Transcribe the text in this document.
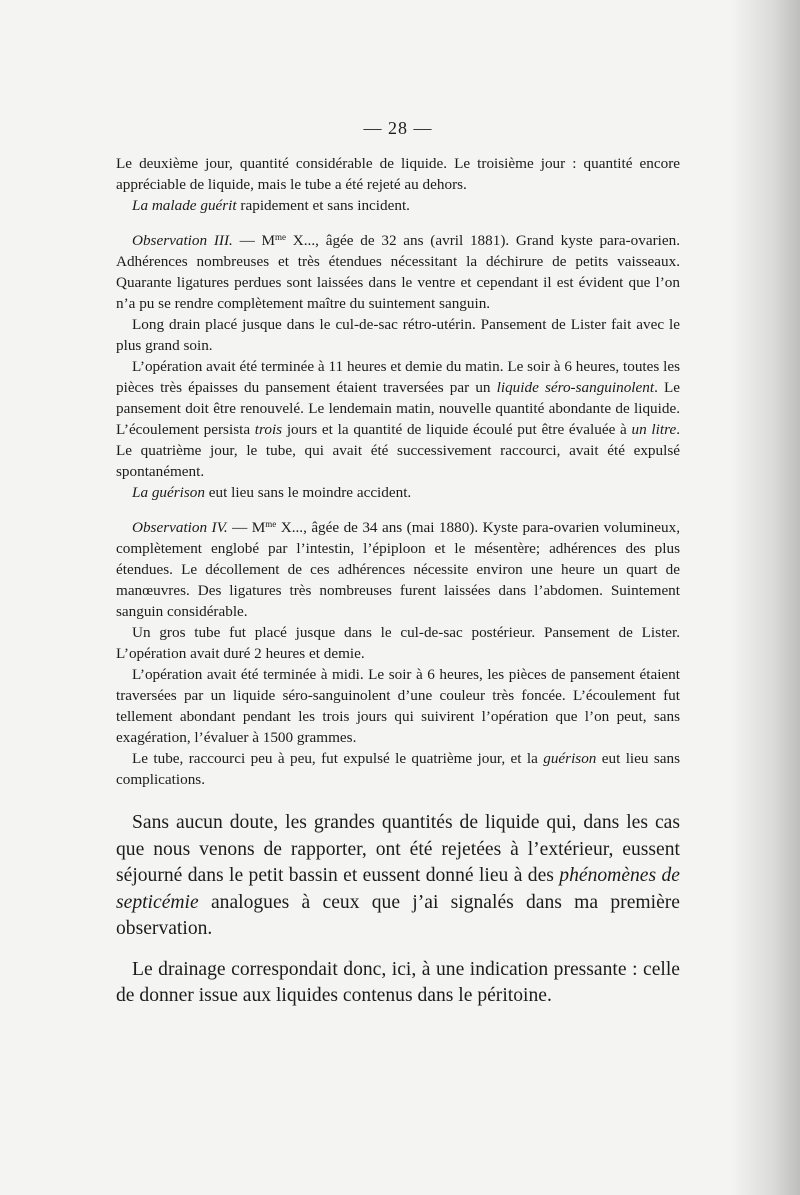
— 28 —

Le deuxième jour, quantité considérable de liquide. Le troisième jour : quantité encore appréciable de liquide, mais le tube a été rejeté au dehors.

La malade guérit rapidement et sans incident.

Observation III. — $M^{me}$ X..., âgée de 32 ans (avril 1881). Grand kyste para-ovarien. Adhérences nombreuses et très étendues nécessitant la déchirure de petits vaisseaux. Quarante ligatures perdues sont laissées dans le ventre et cependant il est évident que l’on n’a pu se rendre complètement maître du suintement sanguin.

Long drain placé jusque dans le cul-de-sac rétro-utérin. Pansement de Lister fait avec le plus grand soin.

L’opération avait été terminée à 11 heures et demie du matin. Le soir à 6 heures, toutes les pièces très épaisses du pansement étaient traversées par un liquide séro-sanguinolent. Le pansement doit être renouvelé. Le lendemain matin, nouvelle quantité abondante de liquide. L’écoulement persista trois jours et la quantité de liquide écoulé put être évaluée à un litre. Le quatrième jour, le tube, qui avait été successivement raccourci, avait été expulsé spontanément.

La guérison eut lieu sans le moindre accident.

Observation IV. — $M^{me}$ X..., âgée de 34 ans (mai 1880). Kyste para-ovarien volumineux, complètement englobé par l’intestin, l’épiploon et le mésentère; adhérences des plus étendues. Le décollement de ces adhérences nécessite environ une heure un quart de manœuvres. Des ligatures très nombreuses furent laissées dans l’abdomen. Suintement sanguin considérable.

Un gros tube fut placé jusque dans le cul-de-sac postérieur. Pansement de Lister. L’opération avait duré 2 heures et demie.

L’opération avait été terminée à midi. Le soir à 6 heures, les pièces de pansement étaient traversées par un liquide séro-sanguinolent d’une couleur très foncée. L’écoulement fut tellement abondant pendant les trois jours qui suivirent l’opération que l’on peut, sans exagération, l’évaluer à 1500 grammes.

Le tube, raccourci peu à peu, fut expulsé le quatrième jour, et la guérison eut lieu sans complications.

Sans aucun doute, les grandes quantités de liquide qui, dans les cas que nous venons de rapporter, ont été rejetées à l’extérieur, eussent séjourné dans le petit bassin et eussent donné lieu à des phénomènes de septicémie analogues à ceux que j’ai signalés dans ma première observation.

Le drainage correspondait donc, ici, à une indication pressante : celle de donner issue aux liquides contenus dans le péritoine.
